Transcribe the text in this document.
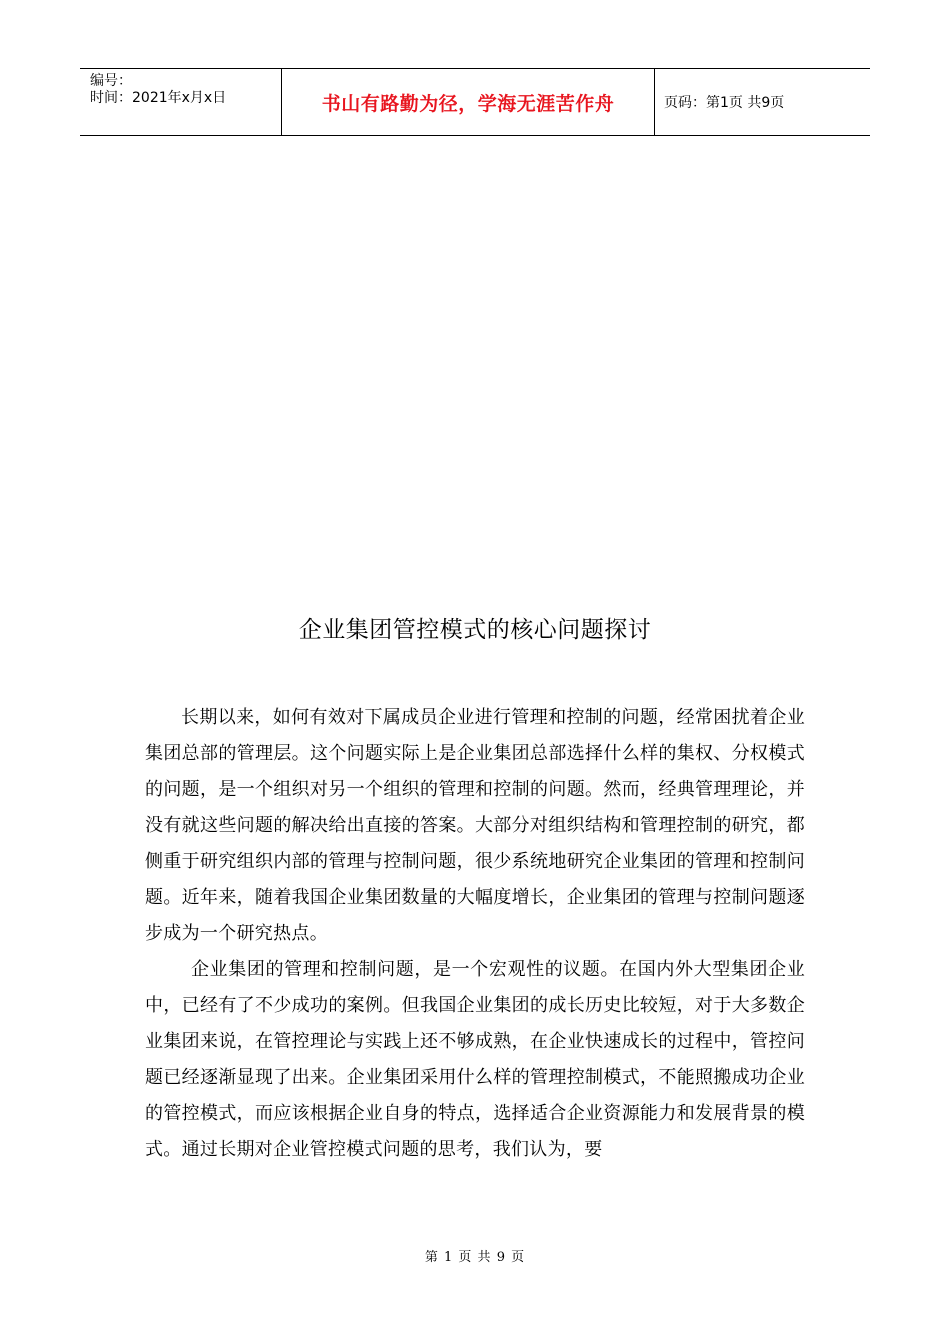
编号：
时间：2021年x月x日	书山有路勤为径，学海无涯苦作舟	页码：第1页 共9页
企业集团管控模式的核心问题探讨

长期以来，如何有效对下属成员企业进行管理和控制的问题，经常困扰着企业集团总部的管理层。这个问题实际上是企业集团总部选择什么样的集权、分权模式的问题，是一个组织对另一个组织的管理和控制的问题。然而，经典管理理论，并没有就这些问题的解决给出直接的答案。大部分对组织结构和管理控制的研究，都侧重于研究组织内部的管理与控制问题，很少系统地研究企业集团的管理和控制问题。近年来，随着我国企业集团数量的大幅度增长，企业集团的管理与控制问题逐步成为一个研究热点。

企业集团的管理和控制问题，是一个宏观性的议题。在国内外大型集团企业中，已经有了不少成功的案例。但我国企业集团的成长历史比较短，对于大多数企业集团来说，在管控理论与实践上还不够成熟，在企业快速成长的过程中，管控问题已经逐渐显现了出来。企业集团采用什么样的管理控制模式，不能照搬成功企业的管控模式，而应该根据企业自身的特点，选择适合企业资源能力和发展背景的模式。通过长期对企业管控模式问题的思考，我们认为，要

第 1 页 共 9 页
